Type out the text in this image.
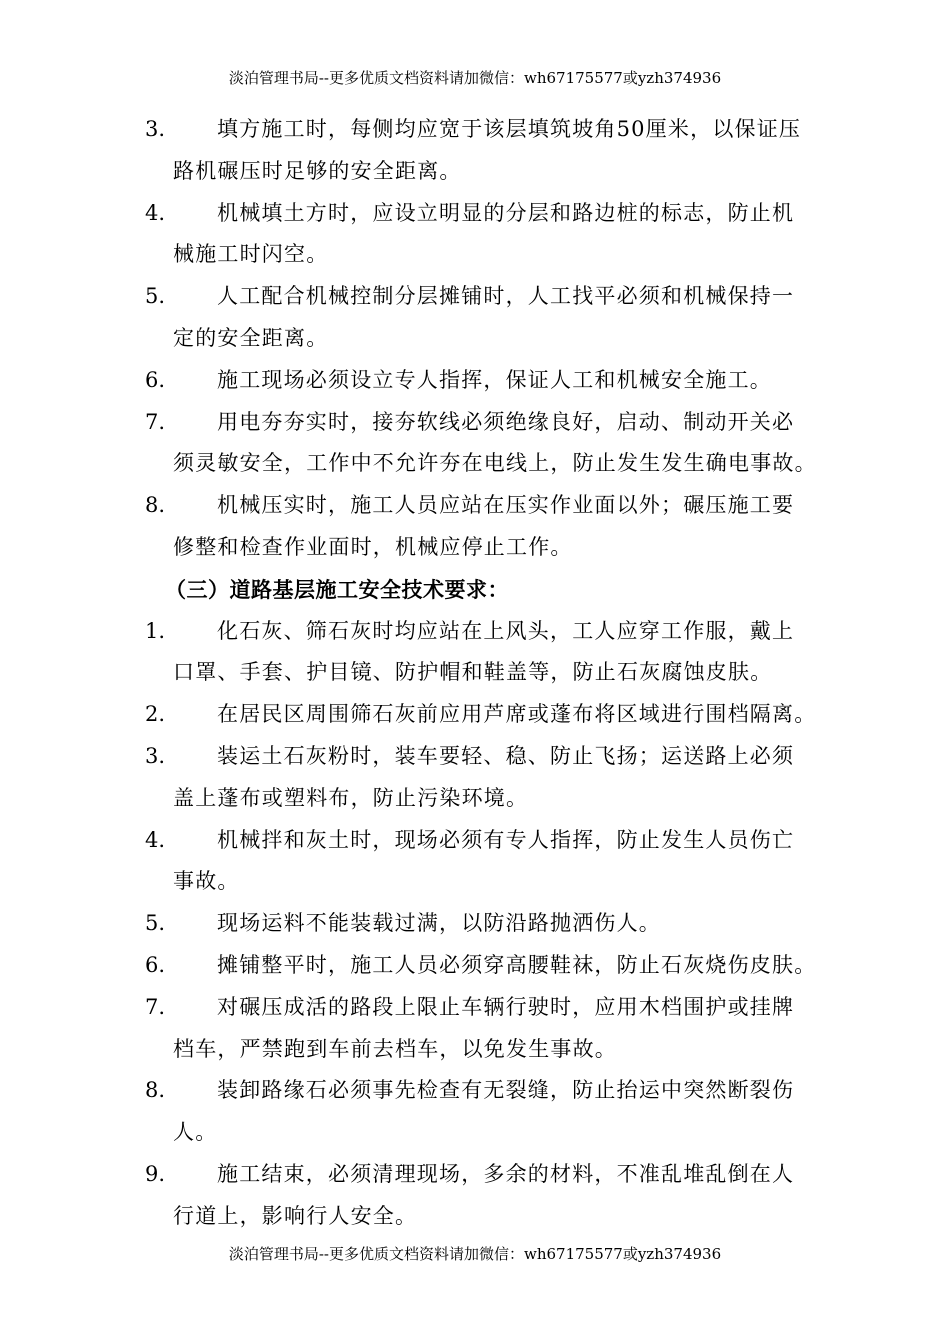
淡泊管理书局--更多优质文档资料请加微信：wh67175577或yzh374936
3. 填方施工时，每侧均应宽于该层填筑坡角50厘米，以保证压
路机碾压时足够的安全距离。
4. 机械填土方时，应设立明显的分层和路边桩的标志，防止机
械施工时闪空。
5. 人工配合机械控制分层摊铺时，人工找平必须和机械保持一
定的安全距离。
6. 施工现场必须设立专人指挥，保证人工和机械安全施工。
7. 用电夯夯实时，接夯软线必须绝缘良好，启动、制动开关必
须灵敏安全，工作中不允许夯在电线上，防止发生发生确电事故。
8. 机械压实时，施工人员应站在压实作业面以外；碾压施工要
修整和检查作业面时，机械应停止工作。
（三）道路基层施工安全技术要求：
1. 化石灰、筛石灰时均应站在上风头，工人应穿工作服，戴上
口罩、手套、护目镜、防护帽和鞋盖等，防止石灰腐蚀皮肤。
2. 在居民区周围筛石灰前应用芦席或蓬布将区域进行围档隔离。
3. 装运土石灰粉时，装车要轻、稳、防止飞扬；运送路上必须
盖上蓬布或塑料布，防止污染环境。
4. 机械拌和灰土时，现场必须有专人指挥，防止发生人员伤亡
事故。
5. 现场运料不能装载过满，以防沿路抛洒伤人。
6. 摊铺整平时，施工人员必须穿高腰鞋袜，防止石灰烧伤皮肤。
7. 对碾压成活的路段上限止车辆行驶时，应用木档围护或挂牌
档车，严禁跑到车前去档车，以免发生事故。
8. 装卸路缘石必须事先检查有无裂缝，防止抬运中突然断裂伤
人。
9. 施工结束，必须清理现场，多余的材料，不准乱堆乱倒在人
行道上，影响行人安全。
淡泊管理书局--更多优质文档资料请加微信：wh67175577或yzh374936
